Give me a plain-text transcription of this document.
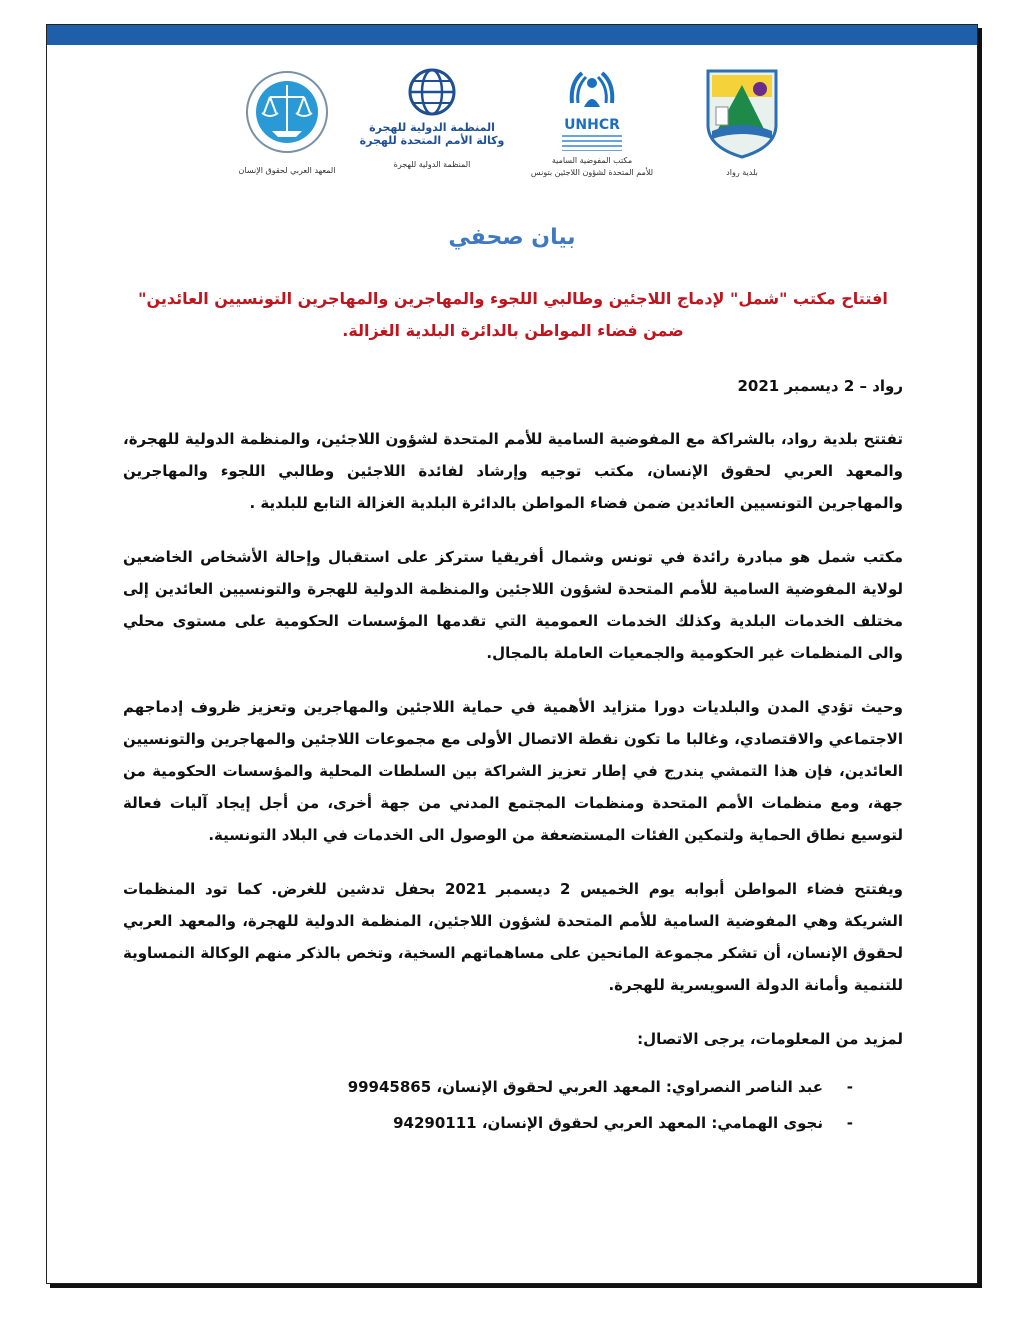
المعهد العربي لحقوق الإنسان
المنظمة الدولية للهجرة
وكالة الأمم المتحدة للهجرة
المنظمة الدولية للهجرة
UNHCR
مكتب المفوضية السامية
للأمم المتحدة لشؤون اللاجئين بتونس	بلدية رواد
بيان صحفي
افتتاح مكتب "شمل" لإدماج اللاجئين وطالبي اللجوء والمهاجرين والمهاجرين التونسيين العائدين" ضمن فضاء المواطن بالدائرة البلدية الغزالة.

رواد – 2 ديسمبر 2021

تفتتح بلدية رواد، بالشراكة مع المفوضية السامية للأمم المتحدة لشؤون اللاجئين، والمنظمة الدولية للهجرة، والمعهد العربي لحقوق الإنسان، مكتب توجيه وإرشاد لفائدة اللاجئين وطالبي اللجوء والمهاجرين والمهاجرين التونسيين العائدين ضمن فضاء المواطن بالدائرة البلدية الغزالة التابع للبلدية .

مكتب شمل هو مبادرة رائدة في تونس وشمال أفريقيا ستركز على استقبال وإحالة الأشخاص الخاضعين لولاية المفوضية السامية للأمم المتحدة لشؤون اللاجئين والمنظمة الدولية للهجرة والتونسيين العائدين إلى مختلف الخدمات البلدية وكذلك الخدمات العمومية التي تقدمها المؤسسات الحكومية على مستوى محلي والى المنظمات غير الحكومية والجمعيات العاملة بالمجال.

وحيث تؤدي المدن والبلديات دورا متزايد الأهمية في حماية اللاجئين والمهاجرين وتعزيز ظروف إدماجهم الاجتماعي والاقتصادي، وغالبا ما تكون نقطة الاتصال الأولى مع مجموعات اللاجئين والمهاجرين والتونسيين العائدين، فإن هذا التمشي يندرج في إطار تعزيز الشراكة بين السلطات المحلية والمؤسسات الحكومية من جهة، ومع منظمات الأمم المتحدة ومنظمات المجتمع المدني من جهة أخرى، من أجل إيجاد آليات فعالة لتوسيع نطاق الحماية ولتمكين الفئات المستضعفة من الوصول الى الخدمات في البلاد التونسية.

ويفتتح فضاء المواطن أبوابه يوم الخميس 2 ديسمبر 2021 بحفل تدشين للغرض. كما تود المنظمات الشريكة وهي المفوضية السامية للأمم المتحدة لشؤون اللاجئين، المنظمة الدولية للهجرة، والمعهد العربي لحقوق الإنسان، أن تشكر مجموعة المانحين على مساهماتهم السخية، وتخص بالذكر منهم الوكالة النمساوية للتنمية وأمانة الدولة السويسرية للهجرة.

لمزيد من المعلومات، يرجى الاتصال:

-عبد الناصر النصراوي: المعهد العربي لحقوق الإنسان، 99945865
-نجوى الهمامي: المعهد العربي لحقوق الإنسان، 94290111
